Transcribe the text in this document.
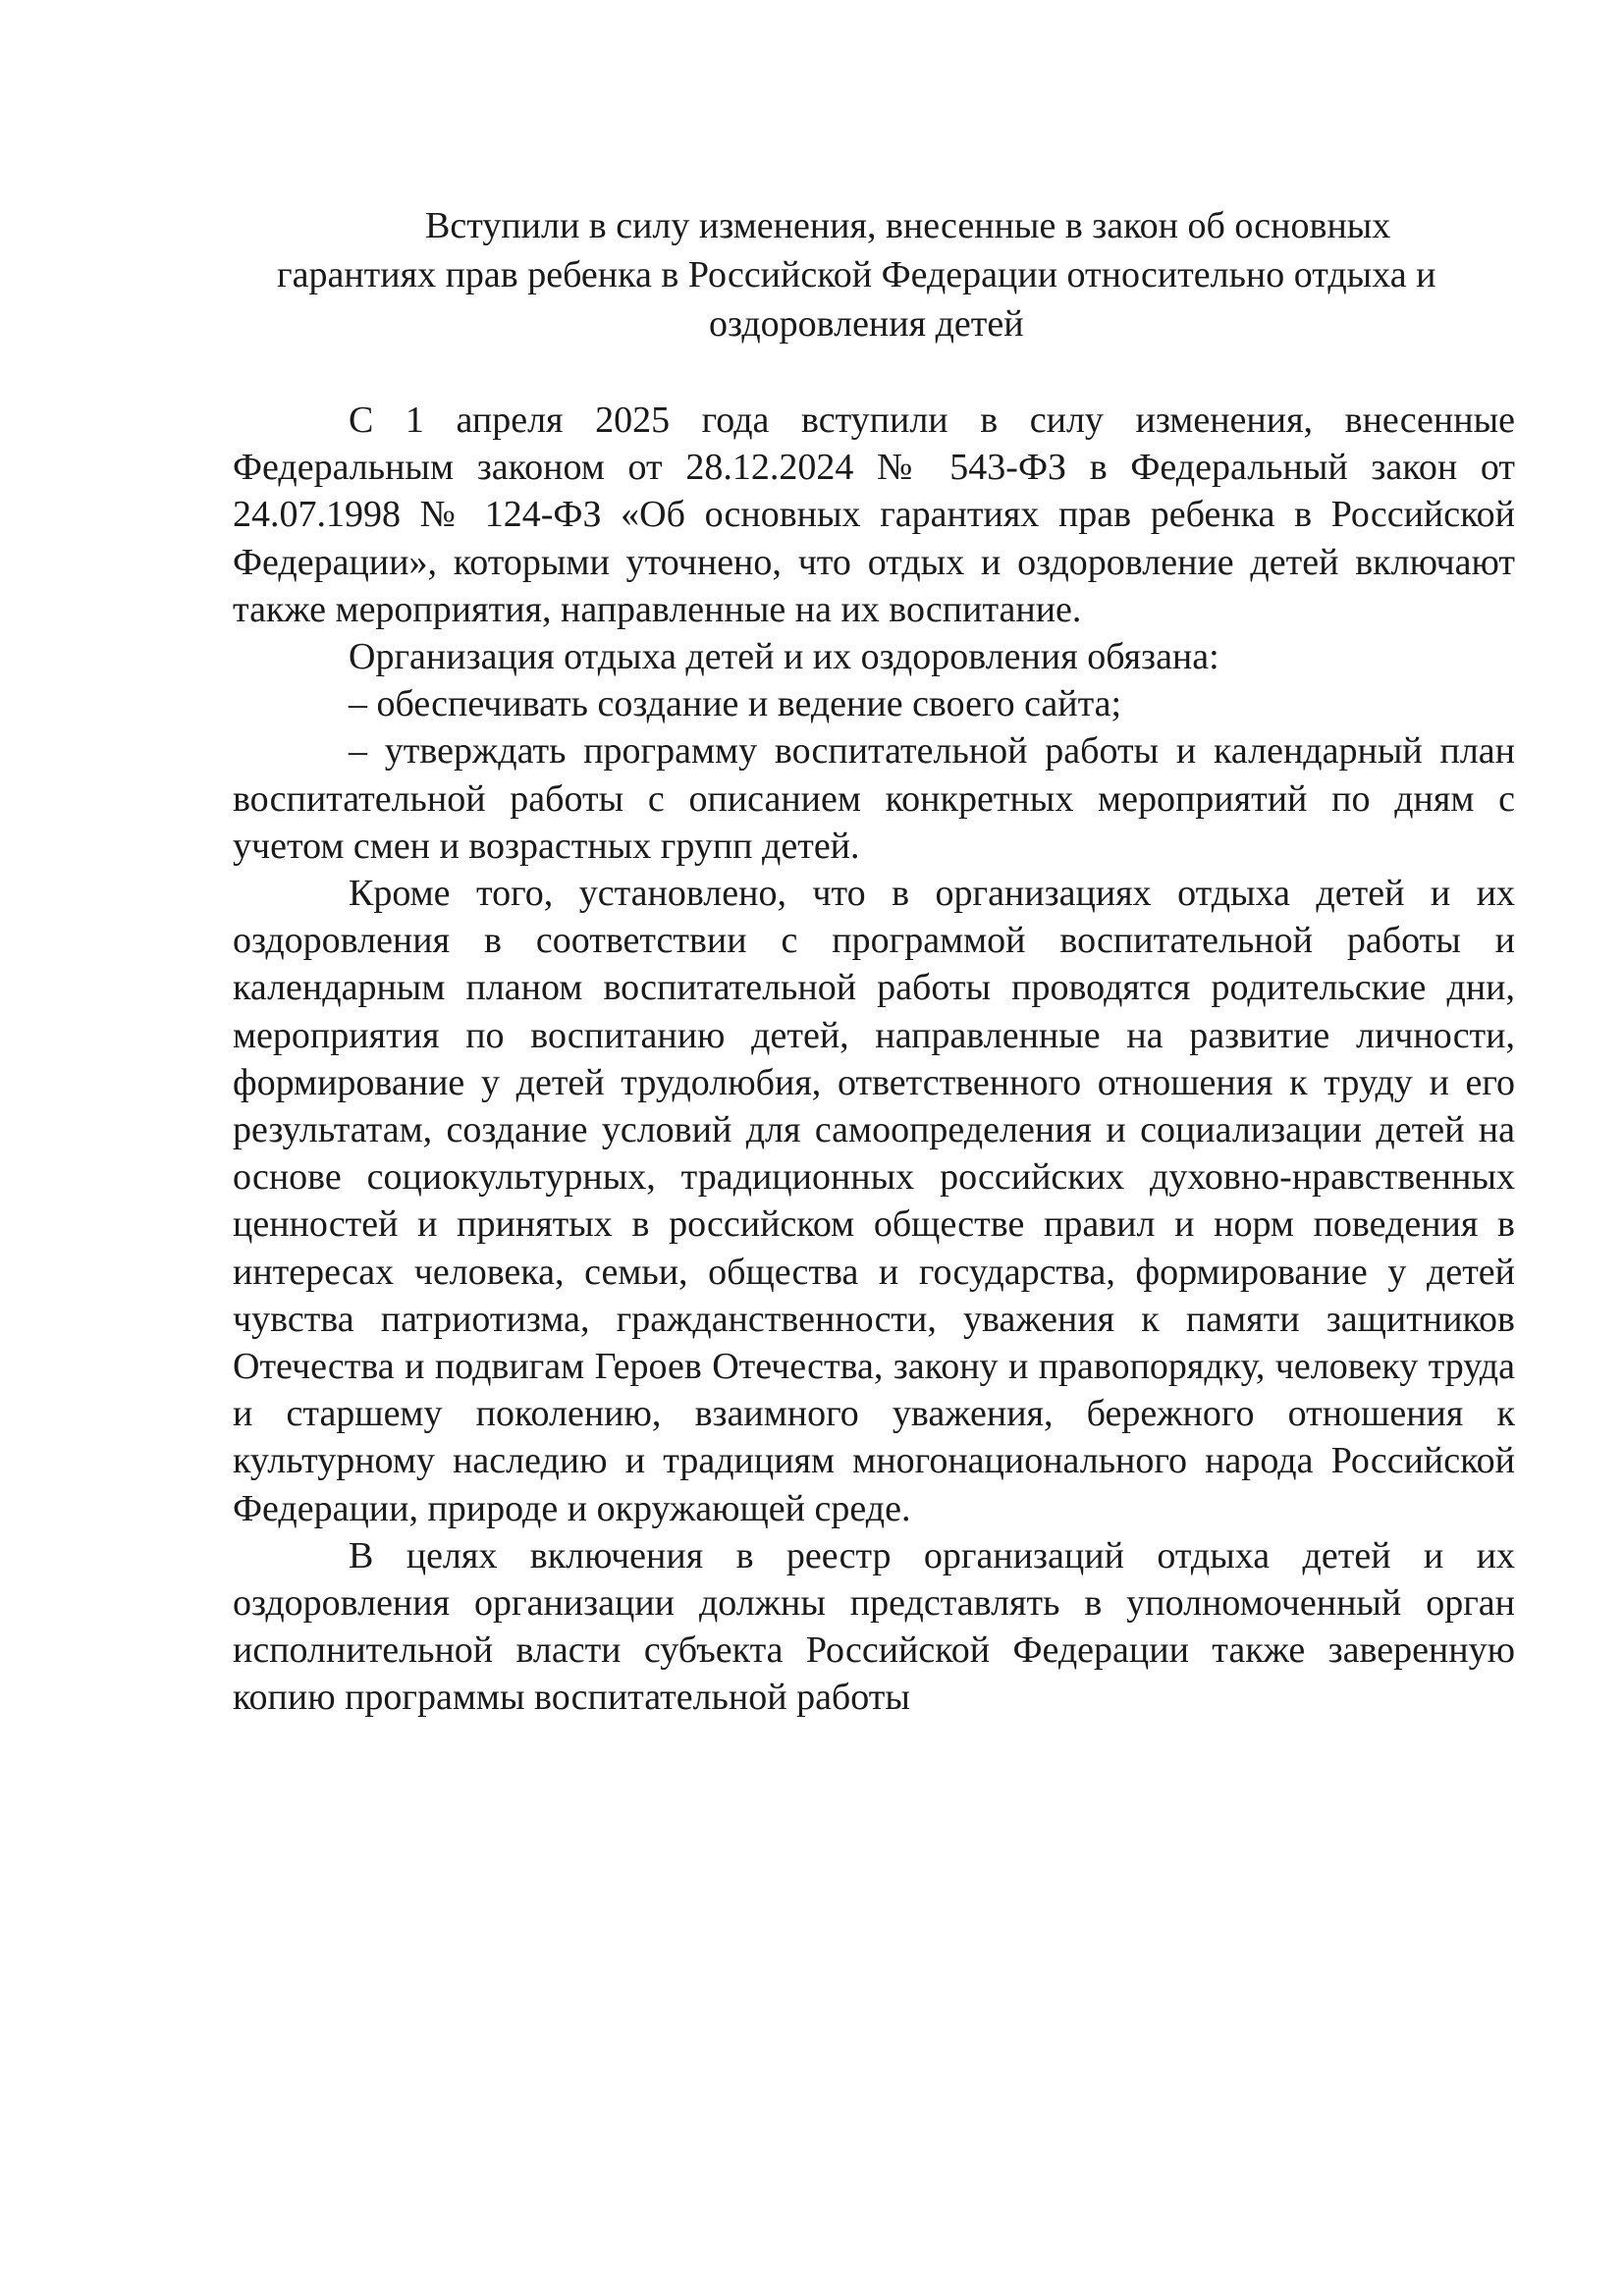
Вступили в силу изменения, внесенные в закон об основных
гарантиях прав ребенка в Российской Федерации относительно отдыха и
оздоровления детей

С 1 апреля 2025 года вступили в силу изменения, внесенные Федеральным законом от 28.12.2024 № 543-ФЗ в Федеральный закон от 24.07.1998 № 124-ФЗ «Об основных гарантиях прав ребенка в Российской Федерации», которыми уточнено, что отдых и оздоровление детей включают также мероприятия, направленные на их воспитание.

Организация отдыха детей и их оздоровления обязана:

– обеспечивать создание и ведение своего сайта;

– утверждать программу воспитательной работы и календарный план воспитательной работы с описанием конкретных мероприятий по дням с учетом смен и возрастных групп детей.

Кроме того, установлено, что в организациях отдыха детей и их оздоровления в соответствии с программой воспитательной работы и календарным планом воспитательной работы проводятся родительские дни, мероприятия по воспитанию детей, направленные на развитие личности, формирование у детей трудолюбия, ответственного отношения к труду и его результатам, создание условий для самоопределения и социализации детей на основе социокультурных, традиционных российских духовно-нравственных ценностей и принятых в российском обществе правил и норм поведения в интересах человека, семьи, общества и государства, формирование у детей чувства патриотизма, гражданственности, уважения к памяти защитников Отечества и подвигам Героев Отечества, закону и правопорядку, человеку труда и старшему поколению, взаимного уважения, бережного отношения к культурному наследию и традициям многонационального народа Российской Федерации, природе и окружающей среде.

В целях включения в реестр организаций отдыха детей и их оздоровления организации должны представлять в уполномоченный орган исполнительной власти субъекта Российской Федерации также заверенную копию программы воспитательной работы
